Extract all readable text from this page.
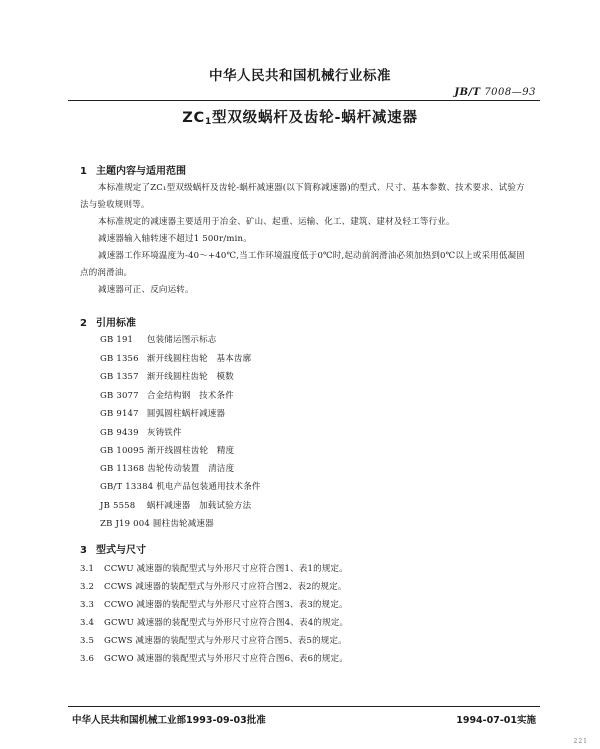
中华人民共和国机械行业标准
JB/T 7008—93
$ZC_1$型双级蜗杆及齿轮-蜗杆减速器
1 主题内容与适用范围
本标准规定了ZC₁型双级蜗杆及齿轮-蜗杆减速器(以下简称减速器)的型式、尺寸、基本参数、技术要求、试验方法与验收规则等。
本标准规定的减速器主要适用于冶金、矿山、起重、运输、化工、建筑、建材及轻工等行业。
减速器输入轴转速不超过1 500r/min。
减速器工作环境温度为-40～+40℃,当工作环境温度低于0℃时,起动前润滑油必须加热到0℃以上或采用低凝固点的润滑油。
减速器可正、反向运转。
2 引用标准
GB 191 包装储运图示标志
GB 1356 渐开线圆柱齿轮　基本齿廓
GB 1357 渐开线圆柱齿轮　模数
GB 3077 合金结构钢　技术条件
GB 9147 圆弧圆柱蜗杆减速器
GB 9439 灰铸铁件
GB 10095 渐开线圆柱齿轮　精度
GB 11368 齿轮传动装置　清洁度
GB/T 13384 机电产品包装通用技术条件
JB 5558 蜗杆减速器　加载试验方法
ZB J19 004 圆柱齿轮减速器
3 型式与尺寸
3.1 CCWU 减速器的装配型式与外形尺寸应符合图1、表1的规定。
3.2 CCWS 减速器的装配型式与外形尺寸应符合图2、表2的规定。
3.3 CCWO 减速器的装配型式与外形尺寸应符合图3、表3的规定。
3.4 GCWU 减速器的装配型式与外形尺寸应符合图4、表4的规定。
3.5 GCWS 减速器的装配型式与外形尺寸应符合图5、表5的规定。
3.6 GCWO 减速器的装配型式与外形尺寸应符合图6、表6的规定。
中华人民共和国机械工业部1993-09-03批准	1994-07-01实施
221
